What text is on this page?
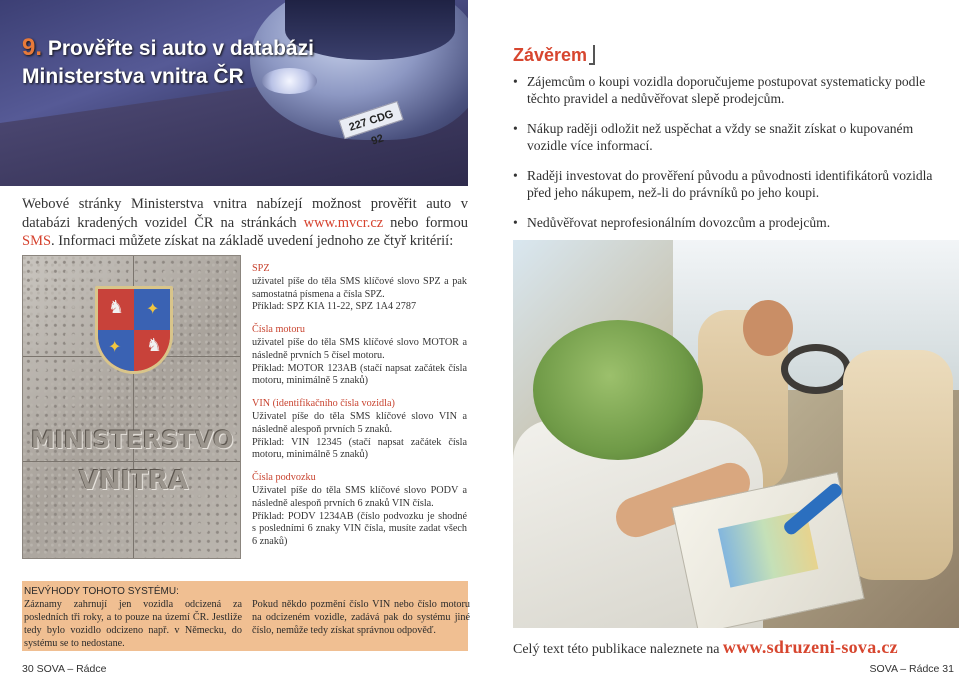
227 CDG 92
9. Prověřte si auto v databázi
Ministerstva vnitra ČR

Webové stránky Ministerstva vnitra nabízejí možnost prověřit auto v databázi kradených vozidel ČR na stránkách www.mvcr.cz nebo formou SMS. Informaci můžete získat na základě uvedení jednoho ze čtyř kritérií:

♞ ✦
✦ ♞
MINISTERSTVO
VNITRA
SPZ
uživatel píše do těla SMS klíčové slovo SPZ a pak samostatná písmena a čísla SPZ.
Příklad: SPZ KIA 11-22, SPZ 1A4 2787
Čísla motoru
uživatel píše do těla SMS klíčové slovo MOTOR a následně prvních 5 čísel motoru.
Příklad: MOTOR 123AB (stačí napsat začátek čísla motoru, minimálně 5 znaků)
VIN (identifikačního čísla vozidla)
Uživatel píše do těla SMS klíčové slovo VIN a následně alespoň prvních 5 znaků.
Příklad: VIN 12345 (stačí napsat začátek čísla motoru, minimálně 5 znaků)
Čísla podvozku
Uživatel píše do těla SMS klíčové slovo PODV a následně alespoň prvních 6 znaků VIN čísla.
Příklad: PODV 1234AB (číslo podvozku je shodné s posledními 6 znaky VIN čísla, musíte zadat všech 6 znaků)
NEVÝHODY TOHOTO SYSTÉMU:
Záznamy zahrnují jen vozidla odcizená za posledních tři roky, a to pouze na území ČR. Jestliže tedy bylo vozidlo odcizeno např. v Německu, do systému se to nedostane.
Pokud někdo pozmění číslo VIN nebo číslo motoru na odcizeném vozidle, zadává pak do systému jiné číslo, nemůže tedy získat správnou odpověď.
30 SOVA – Rádce
Závěrem
• Zájemcům o koupi vozidla doporučujeme postupovat systematicky podle těchto pravidel a nedůvěřovat slepě prodejcům.
• Nákup raději odložit než uspěchat a vždy se snažit získat o kupovaném vozidle více informací.
• Raději investovat do prověření původu a původnosti identifikátorů vozidla před jeho nákupem, než-li do právníků po jeho koupi.
• Nedůvěřovat neprofesionálním dovozcům a prodejcům.
Celý text této publikace naleznete na www.sdruzeni-sova.cz
SOVA – Rádce 31
